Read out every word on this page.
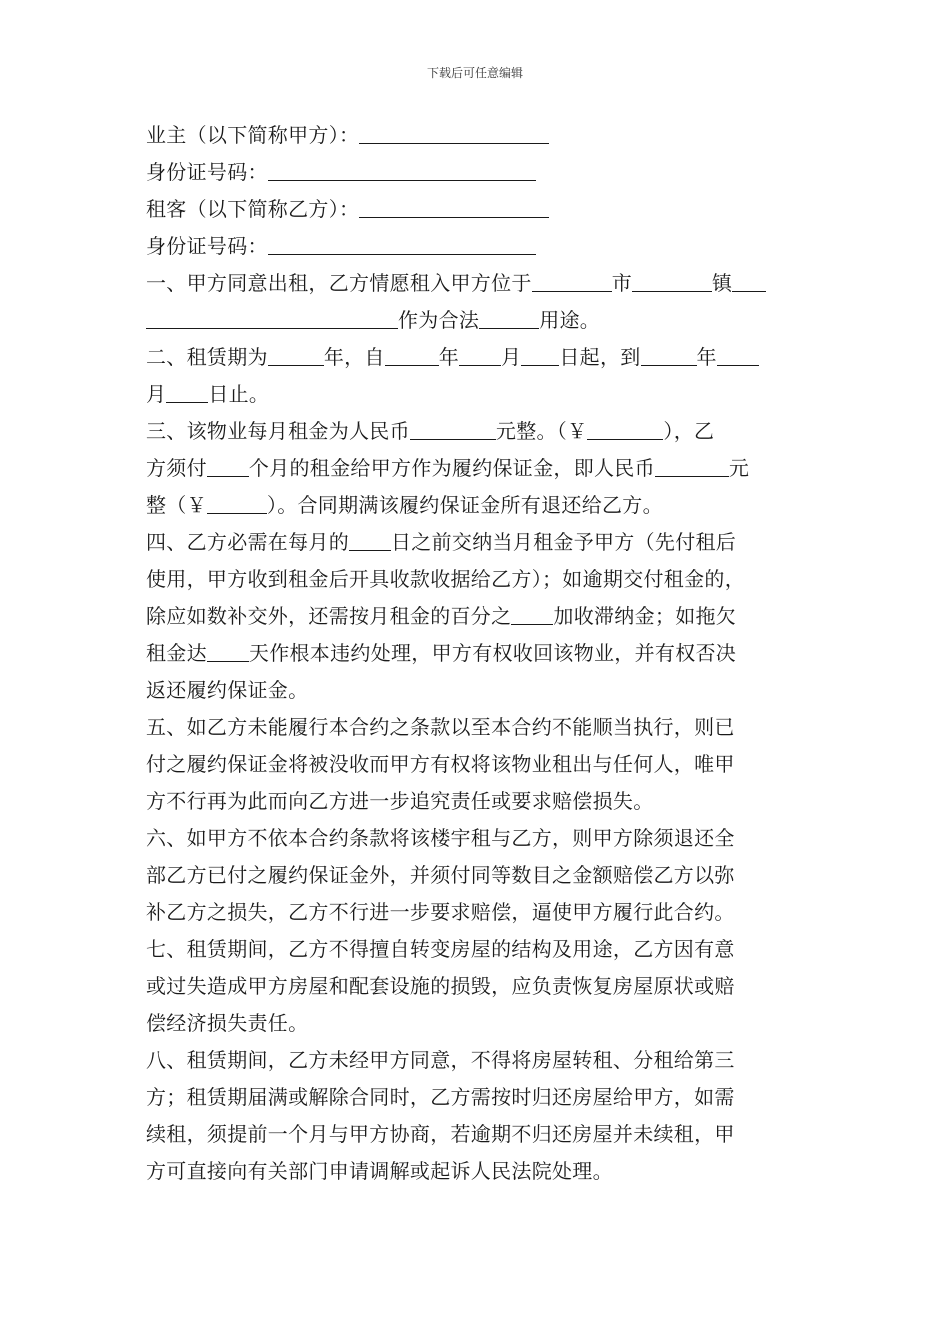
下载后可任意编辑
业主（以下简称甲方）：
身份证号码：
租客（以下简称乙方）：
身份证号码：
一、甲方同意出租，乙方情愿租入甲方位于	市	镇
作为合法	用途。
二、租赁期为	年，自	年 月 日起，到	年
月 日止。
三、该物业每月租金为人民币	元整。（￥	），乙
方须付 个月的租金给甲方作为履约保证金，即人民币	元
整（￥	）。合同期满该履约保证金所有退还给乙方。
四、乙方必需在每月的 日之前交纳当月租金予甲方（先付租后
使用，甲方收到租金后开具收款收据给乙方）；如逾期交付租金的，
除应如数补交外，还需按月租金的百分之 加收滞纳金；如拖欠
租金达 天作根本违约处理，甲方有权收回该物业，并有权否决
返还履约保证金。
五、如乙方未能履行本合约之条款以至本合约不能顺当执行，则已
付之履约保证金将被没收而甲方有权将该物业租出与任何人，唯甲
方不行再为此而向乙方进一步追究责任或要求赔偿损失。
六、如甲方不依本合约条款将该楼宇租与乙方，则甲方除须退还全
部乙方已付之履约保证金外，并须付同等数目之金额赔偿乙方以弥
补乙方之损失，乙方不行进一步要求赔偿，逼使甲方履行此合约。
七、租赁期间，乙方不得擅自转变房屋的结构及用途，乙方因有意
或过失造成甲方房屋和配套设施的损毁，应负责恢复房屋原状或赔
偿经济损失责任。
八、租赁期间，乙方未经甲方同意，不得将房屋转租、分租给第三
方；租赁期届满或解除合同时，乙方需按时归还房屋给甲方，如需
续租，须提前一个月与甲方协商，若逾期不归还房屋并未续租，甲
方可直接向有关部门申请调解或起诉人民法院处理。
